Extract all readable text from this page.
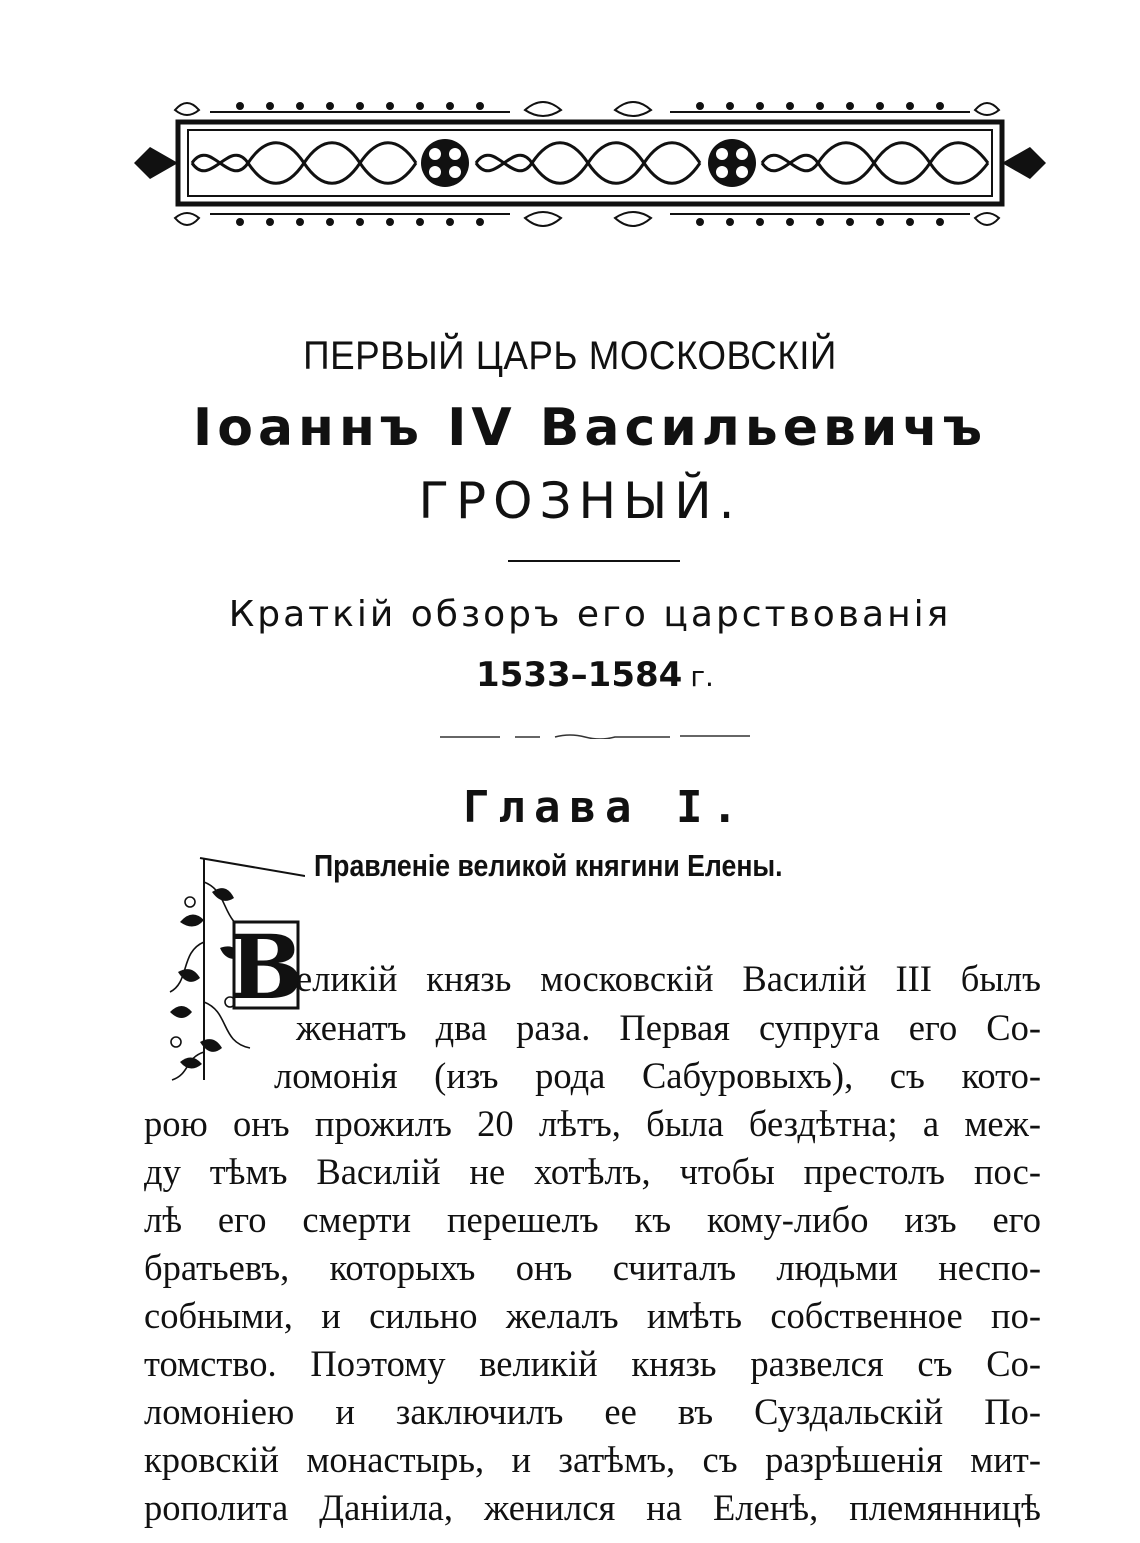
ПЕРВЫЙ ЦАРЬ МОСКОВСКIЙ
Iоаннъ IV Васильевичъ
ГРОЗНЫЙ.
Краткiй обзоръ его царствованiя
1533–1584 г.
Глава I.
В
Правленiе великой княгини Елены.
еликiй князь московскiй Василiй III былъ
женатъ два раза. Первая супруга его Со-
ломонiя (изъ рода Сабуровыхъ), съ кото-
рою онъ прожилъ 20 лѣтъ, была бездѣтна; а меж-
ду тѣмъ Василiй не хотѣлъ, чтобы престолъ пос-
лѣ его смерти перешелъ къ кому-либо изъ его
братьевъ, которыхъ онъ считалъ людьми неспо-
собными, и сильно желалъ имѣть собственное по-
томство. Поэтому великiй князь развелся съ Со-
ломонiею и заключилъ ее въ Суздальскiй По-
кровскiй монастырь, и затѣмъ, съ разрѣшенiя мит-
рополита Данiила, женился на Еленѣ, племянницѣ
